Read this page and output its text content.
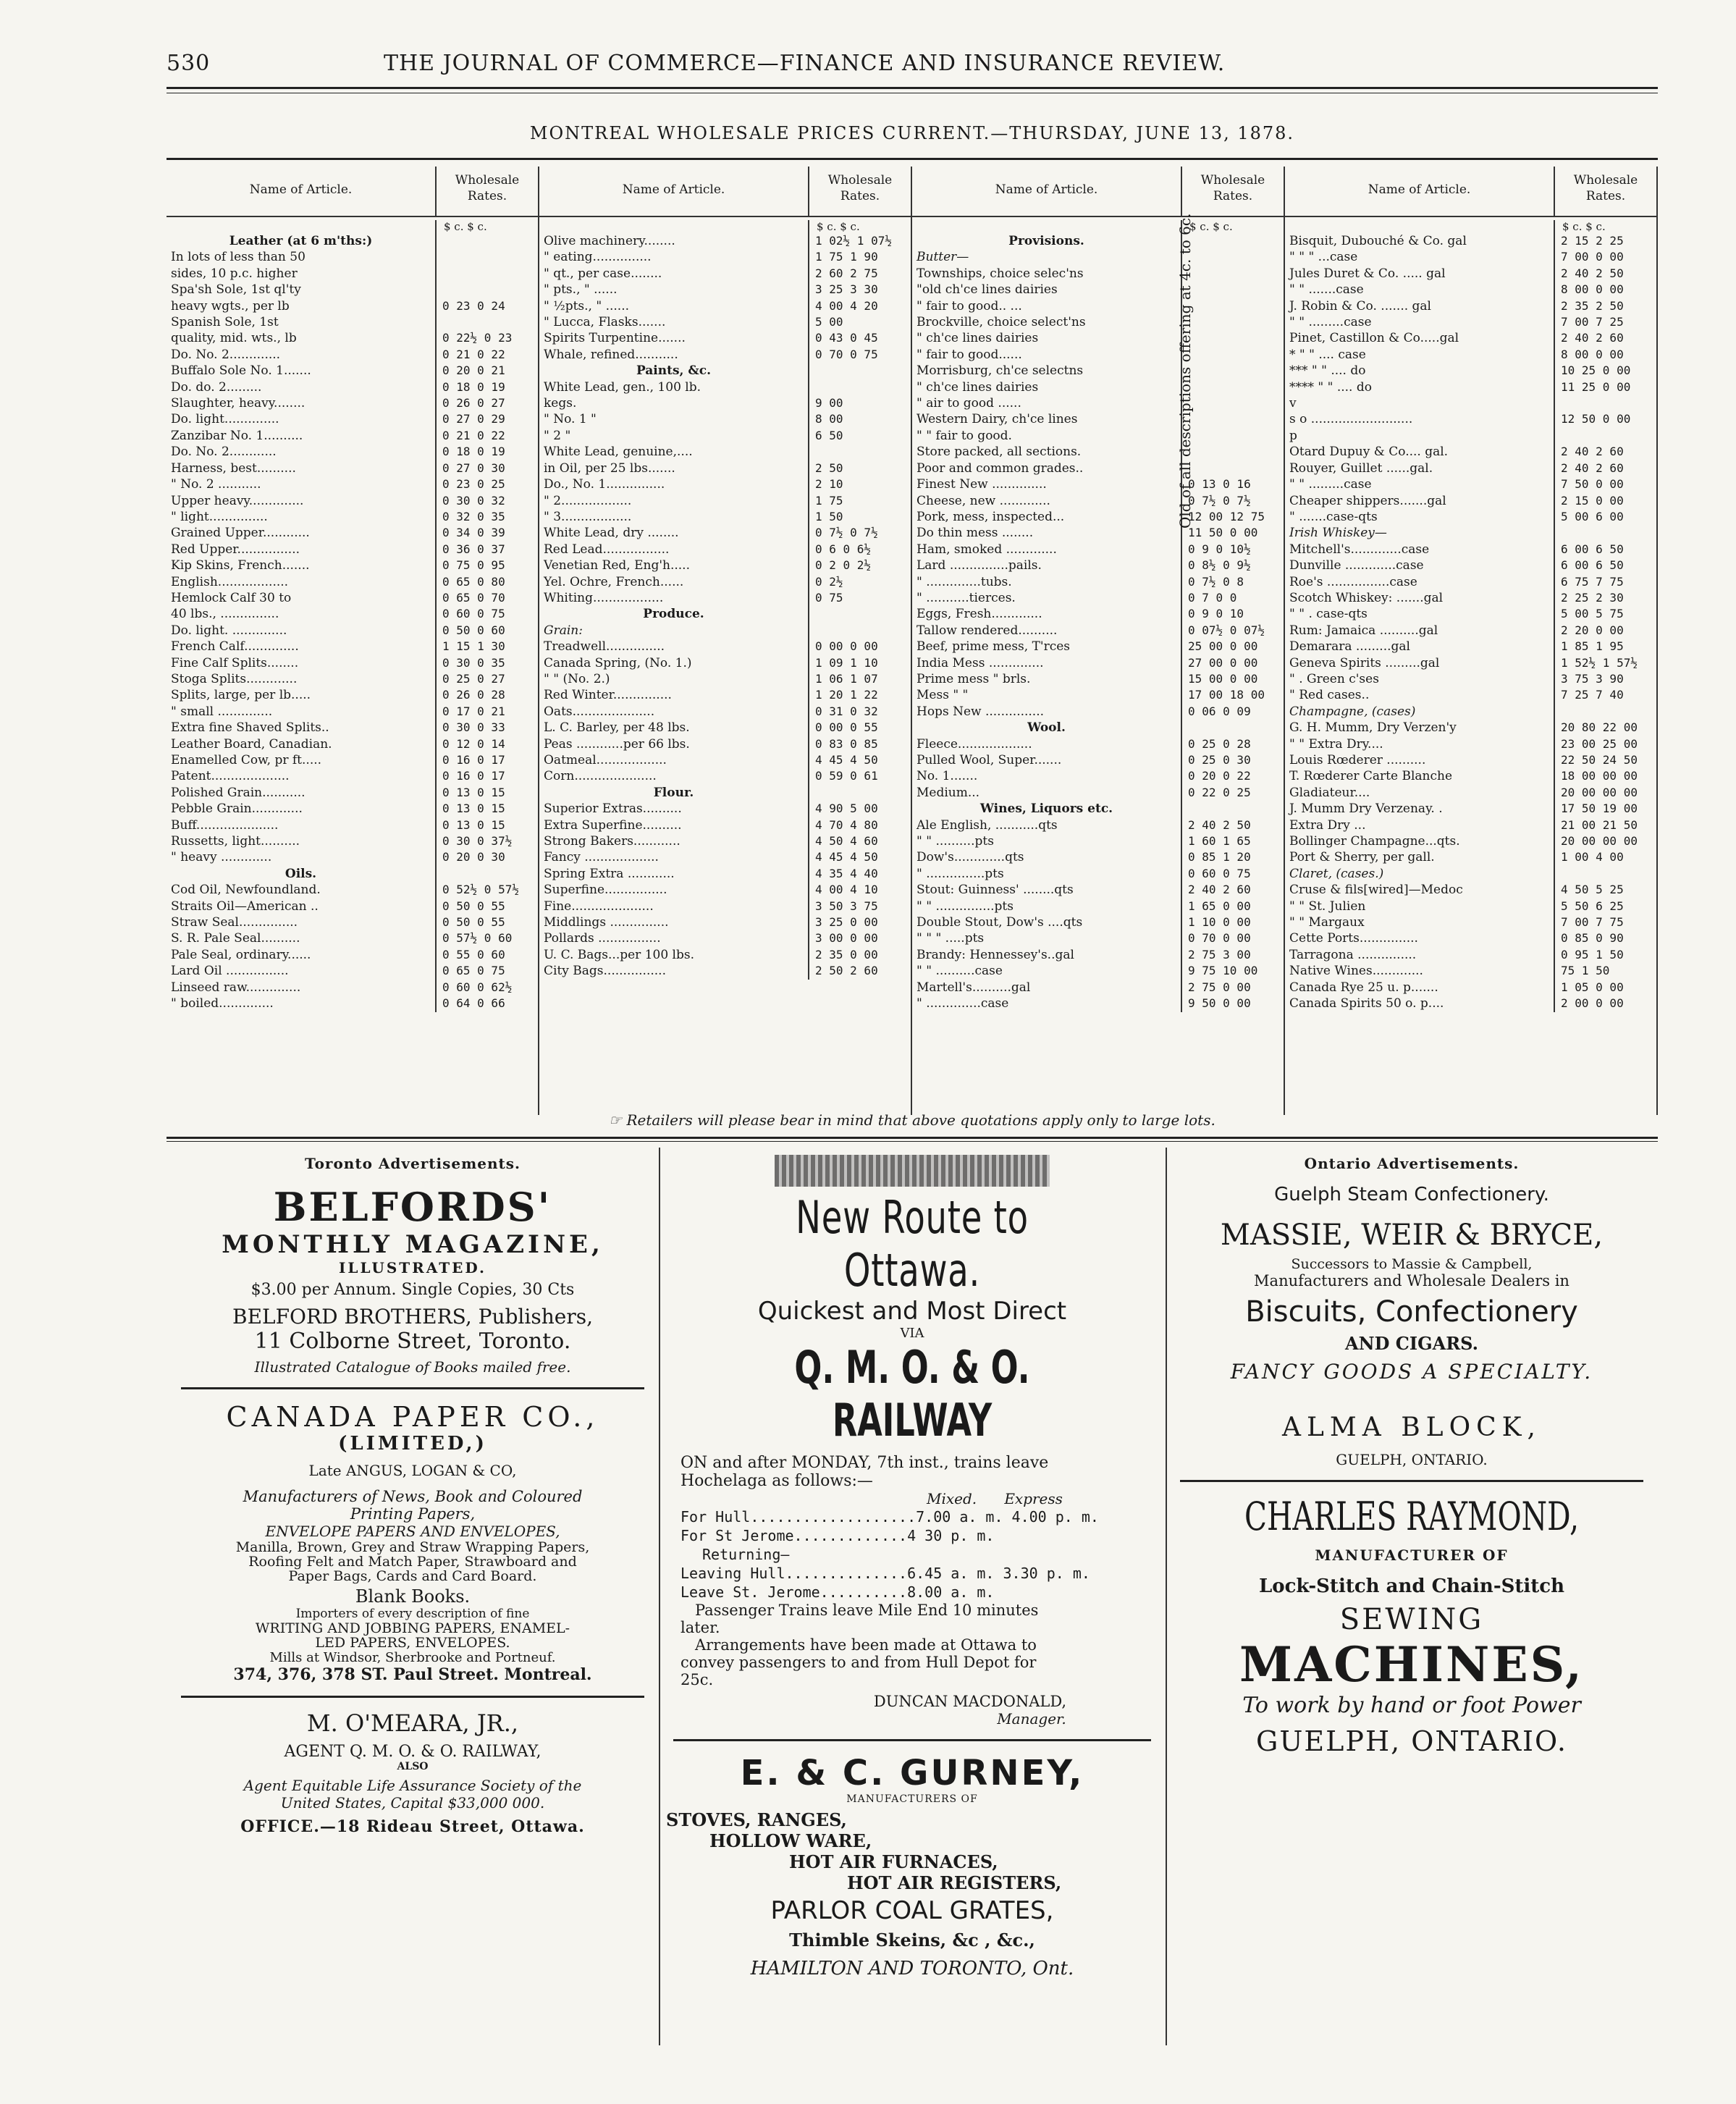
530	THE JOURNAL OF COMMERCE—FINANCE AND INSURANCE REVIEW.
MONTREAL WHOLESALE PRICES CURRENT.—THURSDAY, JUNE 13, 1878.
Name of Article.
Wholesale Rates.
$ c. $ c.
Leather (at 6 m'ths:)
In lots of less than 50
sides, 10 p.c. higher
Spa'sh Sole, 1st ql'ty
heavy wgts., per lb	0 23 0 24
Spanish Sole, 1st
quality, mid. wts., lb	0 22½ 0 23
Do. No. 2.............	0 21 0 22
Buffalo Sole No. 1.......	0 20 0 21
Do. do. 2.........	0 18 0 19
Slaughter, heavy........	0 26 0 27
Do. light..............	0 27 0 29
Zanzibar No. 1..........	0 21 0 22
Do. No. 2............	0 18 0 19
Harness, best..........	0 27 0 30
" No. 2 ...........	0 23 0 25
Upper heavy..............	0 30 0 32
" light...............	0 32 0 35
Grained Upper............	0 34 0 39
Red Upper................	0 36 0 37
Kip Skins, French.......	0 75 0 95
English..................	0 65 0 80
Hemlock Calf 30 to	0 65 0 70
40 lbs., ...............	0 60 0 75
Do. light. ..............	0 50 0 60
French Calf..............	1 15 1 30
Fine Calf Splits........	0 30 0 35
Stoga Splits.............	0 25 0 27
Splits, large, per lb.....	0 26 0 28
" small ..............	0 17 0 21
Extra fine Shaved Splits..	0 30 0 33
Leather Board, Canadian.	0 12 0 14
Enamelled Cow, pr ft.....	0 16 0 17
Patent....................	0 16 0 17
Polished Grain...........	0 13 0 15
Pebble Grain.............	0 13 0 15
Buff.....................	0 13 0 15
Russetts, light..........	0 30 0 37½
" heavy .............	0 20 0 30
Oils.
Cod Oil, Newfoundland.	0 52½ 0 57½
Straits Oil—American ..	0 50 0 55
Straw Seal...............	0 50 0 55
S. R. Pale Seal..........	0 57½ 0 60
Pale Seal, ordinary......	0 55 0 60
Lard Oil ................	0 65 0 75
Linseed raw..............	0 60 0 62½
" boiled..............	0 64 0 66
Name of Article.
Wholesale Rates.
$ c. $ c.
Olive machinery........	1 02½ 1 07½
" eating...............	1 75 1 90
" qt., per case........	2 60 2 75
" pts., " ......	3 25 3 30
" ½pts., " ......	4 00 4 20
" Lucca, Flasks.......	5 00
Spirits Turpentine.......	0 43 0 45
Whale, refined...........	0 70 0 75
Paints, &c.
White Lead, gen., 100 lb.
kegs.	9 00
" No. 1 "	8 00
" 2 "	6 50
White Lead, genuine,....
in Oil, per 25 lbs.......	2 50
Do., No. 1...............	2 10
" 2..................	1 75
" 3..................	1 50
White Lead, dry ........	0 7½ 0 7½
Red Lead.................	0 6 0 6½
Venetian Red, Eng'h.....	0 2 0 2½
Yel. Ochre, French......	0 2½
Whiting..................	0 75
Produce.
Grain:
Treadwell...............	0 00 0 00
Canada Spring, (No. 1.)	1 09 1 10
" " (No. 2.)	1 06 1 07
Red Winter...............	1 20 1 22
Oats.....................	0 31 0 32
L. C. Barley, per 48 lbs.	0 00 0 55
Peas ............per 66 lbs.	0 83 0 85
Oatmeal..................	4 45 4 50
Corn.....................	0 59 0 61
Flour.
Superior Extras..........	4 90 5 00
Extra Superfine..........	4 70 4 80
Strong Bakers............	4 50 4 60
Fancy ...................	4 45 4 50
Spring Extra ............	4 35 4 40
Superfine................	4 00 4 10
Fine.....................	3 50 3 75
Middlings ...............	3 25 0 00
Pollards ................	3 00 0 00
U. C. Bags...per 100 lbs.	2 35 0 00
City Bags................	2 50 2 60
Name of Article.
Wholesale Rates.
$ c. $ c.
Provisions.
Butter—
Townships, choice selec'ns
"old ch'ce lines dairies
" fair to good.. ...
Brockville, choice select'ns
" ch'ce lines dairies
" fair to good......
Morrisburg, ch'ce selectns
" ch'ce lines dairies
" air to good ......
Western Dairy, ch'ce lines
" " fair to good.
Store packed, all sections.
Poor and common grades..
Finest New ..............	0 13 0 16
Cheese, new .............	0 7½ 0 7½
Pork, mess, inspected...	12 00 12 75
Do thin mess ........	11 50 0 00
Ham, smoked .............	0 9 0 10½
Lard ...............pails.	0 8½ 0 9½
" ..............tubs.	0 7½ 0 8
" ...........tierces.	0 7 0 0
Eggs, Fresh.............	0 9 0 10
Tallow rendered..........	0 07½ 0 07½
Beef, prime mess, T'rces	25 00 0 00
India Mess ..............	27 00 0 00
Prime mess " brls.	15 00 0 00
Mess " "	17 00 18 00
Hops New ...............	0 06 0 09
Wool.
Fleece...................	0 25 0 28
Pulled Wool, Super.......	0 25 0 30
No. 1.......	0 20 0 22
Medium...	0 22 0 25
Wines, Liquors etc.
Ale English, ...........qts	2 40 2 50
" " ..........pts	1 60 1 65
Dow's.............qts	0 85 1 20
" ...............pts	0 60 0 75
Stout: Guinness' ........qts	2 40 2 60
" " ...............pts	1 65 0 00
Double Stout, Dow's ....qts	1 10 0 00
" " " .....pts	0 70 0 00
Brandy: Hennessey's..gal	2 75 3 00
" " ..........case	9 75 10 00
Martell's..........gal	2 75 0 00
" ..............case	9 50 0 00
Name of Article.
Wholesale Rates.
$ c. $ c.
Bisquit, Dubouché & Co. gal	2 15 2 25
" " " ...case	7 00 0 00
Jules Duret & Co. ..... gal	2 40 2 50
" " .......case	8 00 0 00
J. Robin & Co. ....... gal	2 35 2 50
" " .........case	7 00 7 25
Pinet, Castillon & Co.....gal	2 40 2 60
* " " .... case	8 00 0 00
*** " " .... do	10 25 0 00
**** " " .... do	11 25 0 00
v
s o ..........................	12 50 0 00
p
Otard Dupuy & Co.... gal.	2 40 2 60
Rouyer, Guillet ......gal.	2 40 2 60
" " .........case	7 50 0 00
Cheaper shippers.......gal	2 15 0 00
" .......case-qts	5 00 6 00
Irish Whiskey—
Mitchell's.............case	6 00 6 50
Dunville .............case	6 00 6 50
Roe's ................case	6 75 7 75
Scotch Whiskey: .......gal	2 25 2 30
" " . case-qts	5 00 5 75
Rum: Jamaica ..........gal	2 20 0 00
Demarara .........gal	1 85 1 95
Geneva Spirits .........gal	1 52½ 1 57½
" . Green c'ses	3 75 3 90
" Red cases..	7 25 7 40
Champagne, (cases)
G. H. Mumm, Dry Verzen'y	20 80 22 00
" " Extra Dry....	23 00 25 00
Louis Rœderer ..........	22 50 24 50
T. Rœderer Carte Blanche	18 00 00 00
Gladiateur....	20 00 00 00
J. Mumm Dry Verzenay. .	17 50 19 00
Extra Dry ...	21 00 21 50
Bollinger Champagne...qts.	20 00 00 00
Port & Sherry, per gall.	1 00 4 00
Claret, (cases.)
Cruse & fils[wired]—Medoc	4 50 5 25
" " St. Julien	5 50 6 25
" " Margaux	7 00 7 75
Cette Ports...............	0 85 0 90
Tarragona ...............	0 95 1 50
Native Wines.............	75 1 50
Canada Rye 25 u. p.......	1 05 0 00
Canada Spirits 50 o. p....	2 00 0 00
Old of all descriptions offering at 4c. to 6c.
☞ Retailers will please bear in mind that above quotations apply only to large lots.
Toronto Advertisements.
BELFORDS'
MONTHLY MAGAZINE,
ILLUSTRATED.
$3.00 per Annum. Single Copies, 30 Cts
BELFORD BROTHERS, Publishers,
11 Colborne Street, Toronto.
Illustrated Catalogue of Books mailed free.
CANADA PAPER CO.,
(LIMITED,)
Late ANGUS, LOGAN & CO,
Manufacturers of News, Book and Coloured
Printing Papers,
ENVELOPE PAPERS AND ENVELOPES,
Manilla, Brown, Grey and Straw Wrapping Papers,
Roofing Felt and Match Paper, Strawboard and
Paper Bags, Cards and Card Board.
Blank Books.
Importers of every description of fine
WRITING AND JOBBING PAPERS, ENAMEL-
LED PAPERS, ENVELOPES.
Mills at Windsor, Sherbrooke and Portneuf.
374, 376, 378 ST. Paul Street. Montreal.
M. O'MEARA, JR.,
AGENT Q. M. O. & O. RAILWAY,
ALSO
Agent Equitable Life Assurance Society of the
United States, Capital $33,000 000.
OFFICE.—18 Rideau Street, Ottawa.
New Route to Ottawa.
Quickest and Most Direct
VIA
Q. M. O. & O. RAILWAY
ON and after MONDAY, 7th inst., trains leave
Hochelaga as follows:—
Mixed. Express
For Hull...................7.00 a. m. 4.00 p. m.
For St Jerome.............4 30 p. m.
Returning—
Leaving Hull..............6.45 a. m. 3.30 p. m.
Leave St. Jerome..........8.00 a. m.
Passenger Trains leave Mile End 10 minutes
later.
Arrangements have been made at Ottawa to
convey passengers to and from Hull Depot for
25c.
DUNCAN MACDONALD,
Manager.
E. & C. GURNEY,
MANUFACTURERS OF
STOVES, RANGES,
HOLLOW WARE,
HOT AIR FURNACES,
HOT AIR REGISTERS,
PARLOR COAL GRATES,
Thimble Skeins, &c , &c.,
HAMILTON AND TORONTO, Ont.
Ontario Advertisements.
Guelph Steam Confectionery.
MASSIE, WEIR & BRYCE,
Successors to Massie & Campbell,
Manufacturers and Wholesale Dealers in
Biscuits, Confectionery
AND CIGARS.
FANCY GOODS A SPECIALTY.
ALMA BLOCK,
GUELPH, ONTARIO.
CHARLES RAYMOND,
MANUFACTURER OF
Lock-Stitch and Chain-Stitch
SEWING
MACHINES,
To work by hand or foot Power
GUELPH, ONTARIO.
